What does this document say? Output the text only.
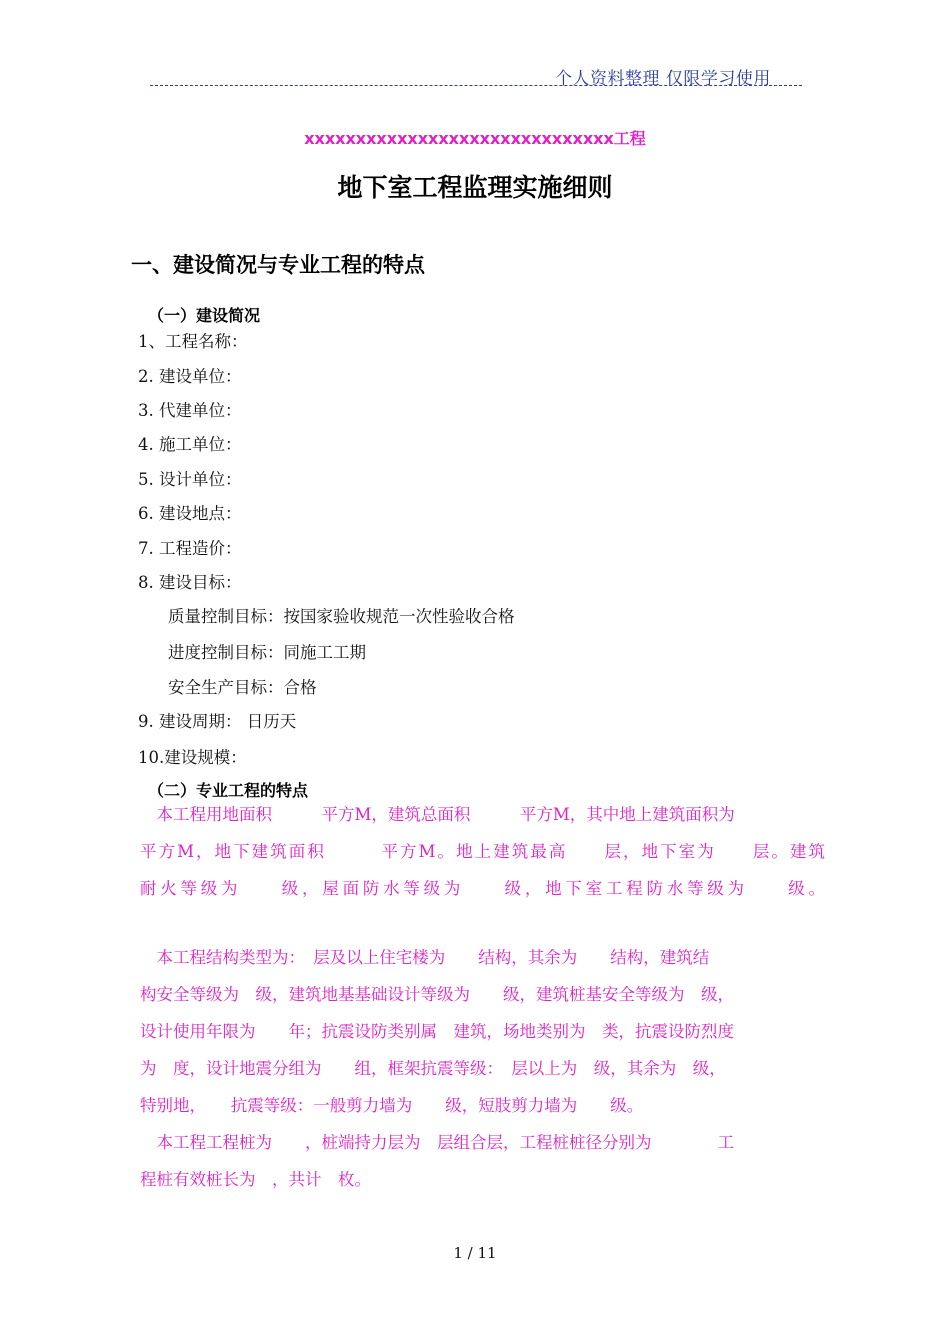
个人资料整理 仅限学习使用
xxxxxxxxxxxxxxxxxxxxxxxxxxxxxx工程
地下室工程监理实施细则
一、建设简况与专业工程的特点
（一）建设简况
1、工程名称：
2. 建设单位：
3. 代建单位：
4. 施工单位：
5. 设计单位：
6. 建设地点：
7. 工程造价：
8. 建设目标：
质量控制目标：按国家验收规范一次性验收合格
进度控制目标：同施工工期
安全生产目标：合格
9. 建设周期： 日历天
10.建设规模：
（二）专业工程的特点
　本工程用地面积　　　平方M，建筑总面积　　　平方M，其中地上建筑面积为
平方M，地下建筑面积　　　平方M。地上建筑最高　　层，地下室为　　层。建筑
耐火等级为　　级，屋面防水等级为　　级，地下室工程防水等级为　　级。
　本工程结构类型为：　层及以上住宅楼为　　结构，其余为　　结构，建筑结
构安全等级为　级，建筑地基基础设计等级为　　级，建筑桩基安全等级为　级，
设计使用年限为　　年；抗震设防类别属　建筑，场地类别为　类，抗震设防烈度
为　度，设计地震分组为　　组，框架抗震等级：　层以上为　级，其余为　级，
特别地，　　抗震等级：一般剪力墙为　　级，短肢剪力墙为　　级。
　本工程工程桩为　　，桩端持力层为　层组合层，工程桩桩径分别为　　　　工
程桩有效桩长为　，共计　枚。
1 / 11
